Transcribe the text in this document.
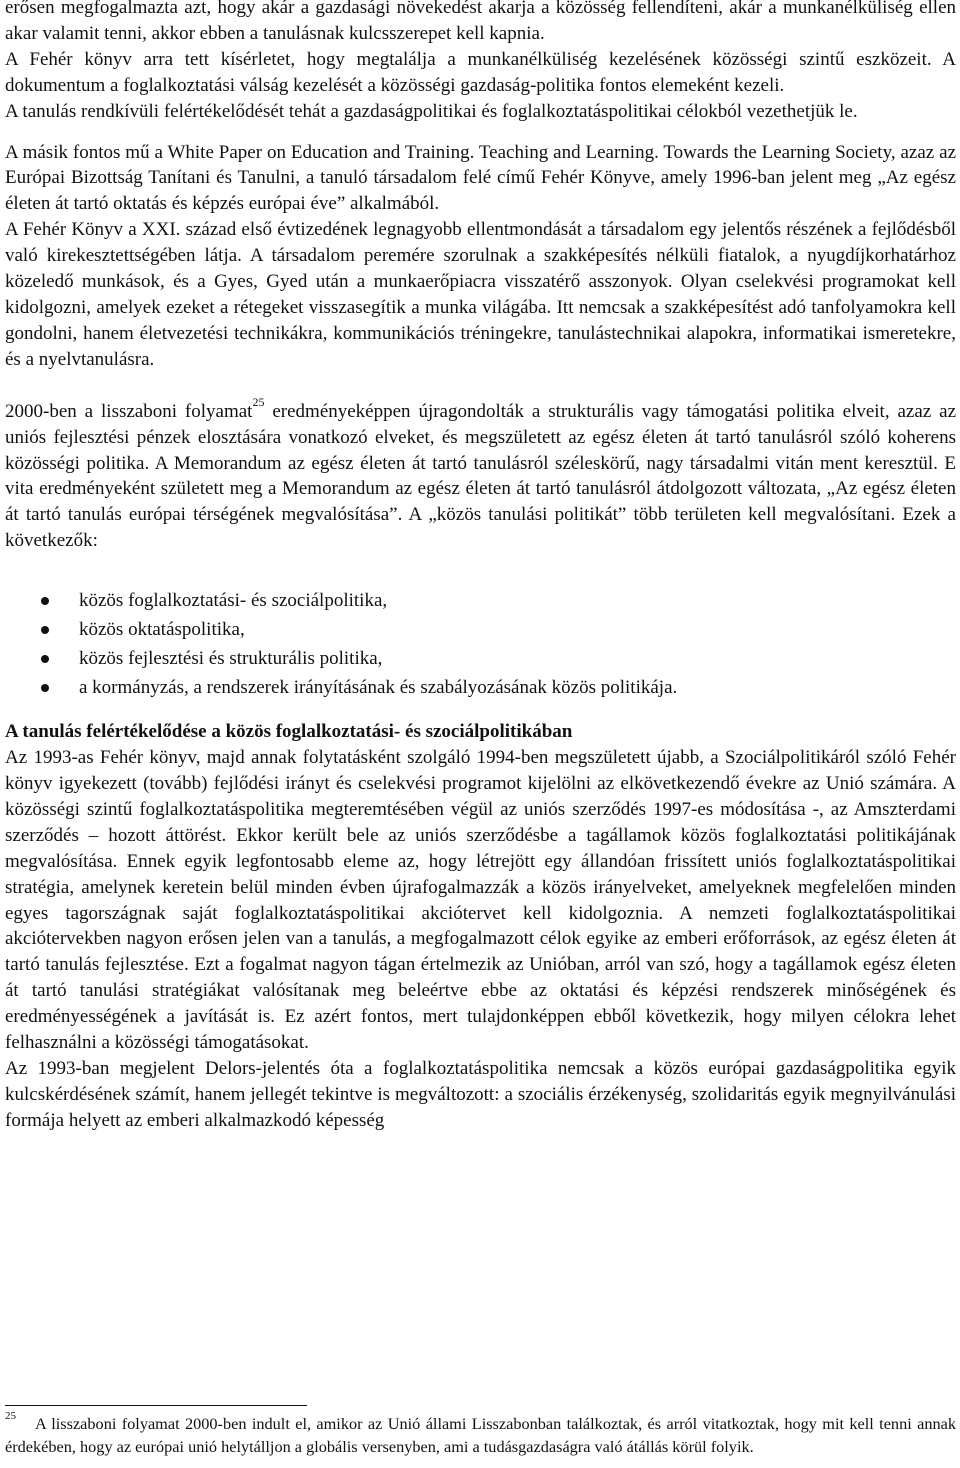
erősen megfogalmazta azt, hogy akár a gazdasági növekedést akarja a közösség fellendíteni, akár a munkanélküliség ellen akar valamit tenni, akkor ebben a tanulásnak kulcsszerepet kell kapnia.

A Fehér könyv arra tett kísérletet, hogy megtalálja a munkanélküliség kezelésének közösségi szintű eszközeit. A dokumentum a foglalkoztatási válság kezelését a közösségi gazdaság-politika fontos elemeként kezeli.

A tanulás rendkívüli felértékelődését tehát a gazdaságpolitikai és foglalkoztatáspolitikai célokból vezethetjük le.

A másik fontos mű a White Paper on Education and Training. Teaching and Learning. Towards the Learning Society, azaz az Európai Bizottság Tanítani és Tanulni, a tanuló társadalom felé című Fehér Könyve, amely 1996-ban jelent meg „Az egész életen át tartó oktatás és képzés európai éve” alkalmából.

A Fehér Könyv a XXI. század első évtizedének legnagyobb ellentmondását a társadalom egy jelentős részének a fejlődésből való kirekesztettségében látja. A társadalom peremére szorulnak a szakképesítés nélküli fiatalok, a nyugdíjkorhatárhoz közeledő munkások, és a Gyes, Gyed után a munkaerőpiacra visszatérő asszonyok. Olyan cselekvési programokat kell kidolgozni, amelyek ezeket a rétegeket visszasegítik a munka világába. Itt nemcsak a szakképesítést adó tanfolyamokra kell gondolni, hanem életvezetési technikákra, kommunikációs tréningekre, tanulástechnikai alapokra, informatikai ismeretekre, és a nyelvtanulásra.

2000-ben a lisszaboni folyamat$^{25}$ eredményeképpen újragondolták a strukturális vagy támogatási politika elveit, azaz az uniós fejlesztési pénzek elosztására vonatkozó elveket, és megszületett az egész életen át tartó tanulásról szóló koherens közösségi politika. A Memorandum az egész életen át tartó tanulásról széleskörű, nagy társadalmi vitán ment keresztül. E vita eredményeként született meg a Memorandum az egész életen át tartó tanulásról átdolgozott változata, „Az egész életen át tartó tanulás európai térségének megvalósítása”. A „közös tanulási politikát” több területen kell megvalósítani. Ezek a következők:

közös foglalkoztatási- és szociálpolitika,
közös oktatáspolitika,
közös fejlesztési és strukturális politika,
a kormányzás, a rendszerek irányításának és szabályozásának közös politikája.
A tanulás felértékelődése a közös foglalkoztatási- és szociálpolitikában

Az 1993-as Fehér könyv, majd annak folytatásként szolgáló 1994-ben megszületett újabb, a Szociálpolitikáról szóló Fehér könyv igyekezett (tovább) fejlődési irányt és cselekvési programot kijelölni az elkövetkezendő évekre az Unió számára. A közösségi szintű foglalkoztatáspolitika megteremtésében végül az uniós szerződés 1997-es módosítása -, az Amszterdami szerződés – hozott áttörést. Ekkor került bele az uniós szerződésbe a tagállamok közös foglalkoztatási politikájának megvalósítása. Ennek egyik legfontosabb eleme az, hogy létrejött egy állandóan frissített uniós foglalkoztatáspolitikai stratégia, amelynek keretein belül minden évben újrafogalmazzák a közös irányelveket, amelyeknek megfelelően minden egyes tagországnak saját foglalkoztatáspolitikai akciótervet kell kidolgoznia. A nemzeti foglalkoztatáspolitikai akciótervekben nagyon erősen jelen van a tanulás, a megfogalmazott célok egyike az emberi erőforrások, az egész életen át tartó tanulás fejlesztése. Ezt a fogalmat nagyon tágan értelmezik az Unióban, arról van szó, hogy a tagállamok egész életen át tartó tanulási stratégiákat valósítanak meg beleértve ebbe az oktatási és képzési rendszerek minőségének és eredményességének a javítását is. Ez azért fontos, mert tulajdonképpen ebből következik, hogy milyen célokra lehet felhasználni a közösségi támogatásokat.

Az 1993-ban megjelent Delors-jelentés óta a foglalkoztatáspolitika nemcsak a közös európai gazdaságpolitika egyik kulcskérdésének számít, hanem jellegét tekintve is megváltozott: a szociális érzékenység, szolidaritás egyik megnyilvánulási formája helyett az emberi alkalmazkodó képesség

$^{25}$ A lisszaboni folyamat 2000-ben indult el, amikor az Unió állami Lisszabonban találkoztak, és arról vitatkoztak, hogy mit kell tenni annak érdekében, hogy az európai unió helytálljon a globális versenyben, ami a tudásgazdaságra való átállás körül folyik.
